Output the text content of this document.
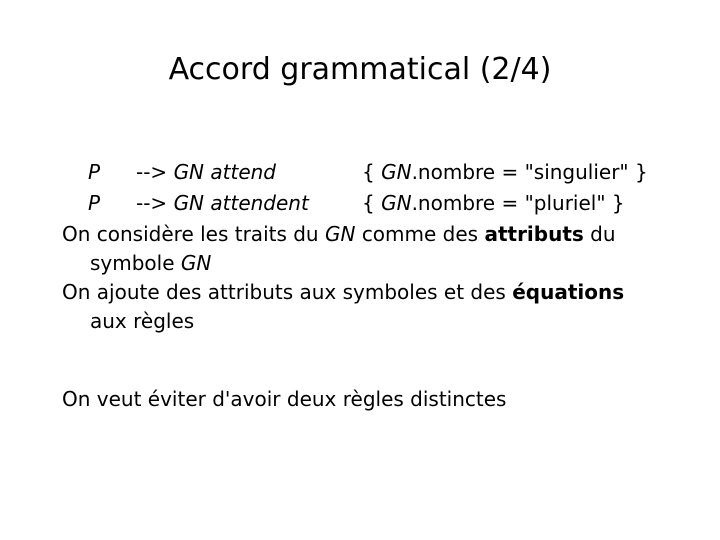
Accord grammatical (2/4)
P --> GN attend	{ GN.nombre = "singulier" }
P --> GN attendent	{ GN.nombre = "pluriel" }
On considère les traits du GN comme des attributs du
symbole GN
On ajoute des attributs aux symboles et des équations
aux règles
On veut éviter d'avoir deux règles distinctes
